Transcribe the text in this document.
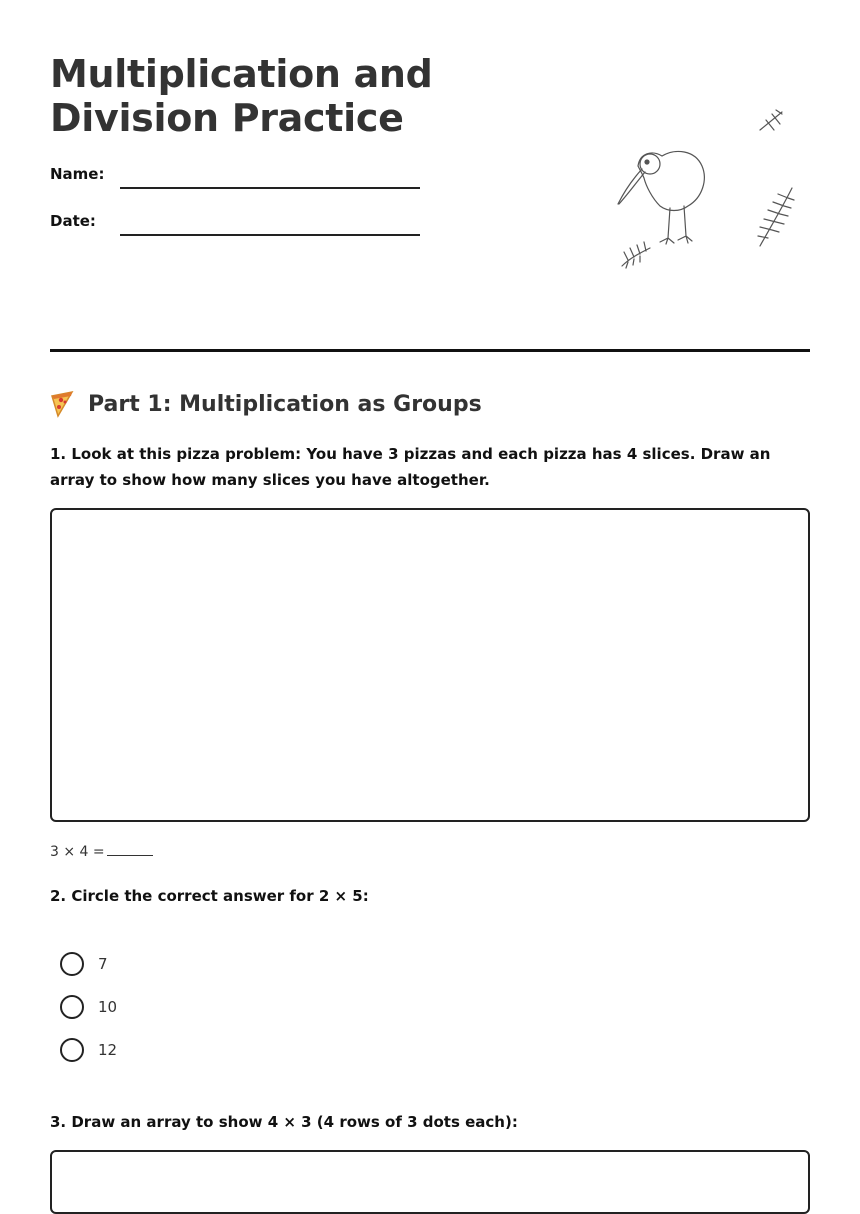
Multiplication and Division Practice
Name:
Date:
Part 1: Multiplication as Groups
1. Look at this pizza problem: You have 3 pizzas and each pizza has 4 slices. Draw an array to show how many slices you have altogether.
3 × 4 =
2. Circle the correct answer for 2 × 5:
7
10
12
3. Draw an array to show 4 × 3 (4 rows of 3 dots each):
